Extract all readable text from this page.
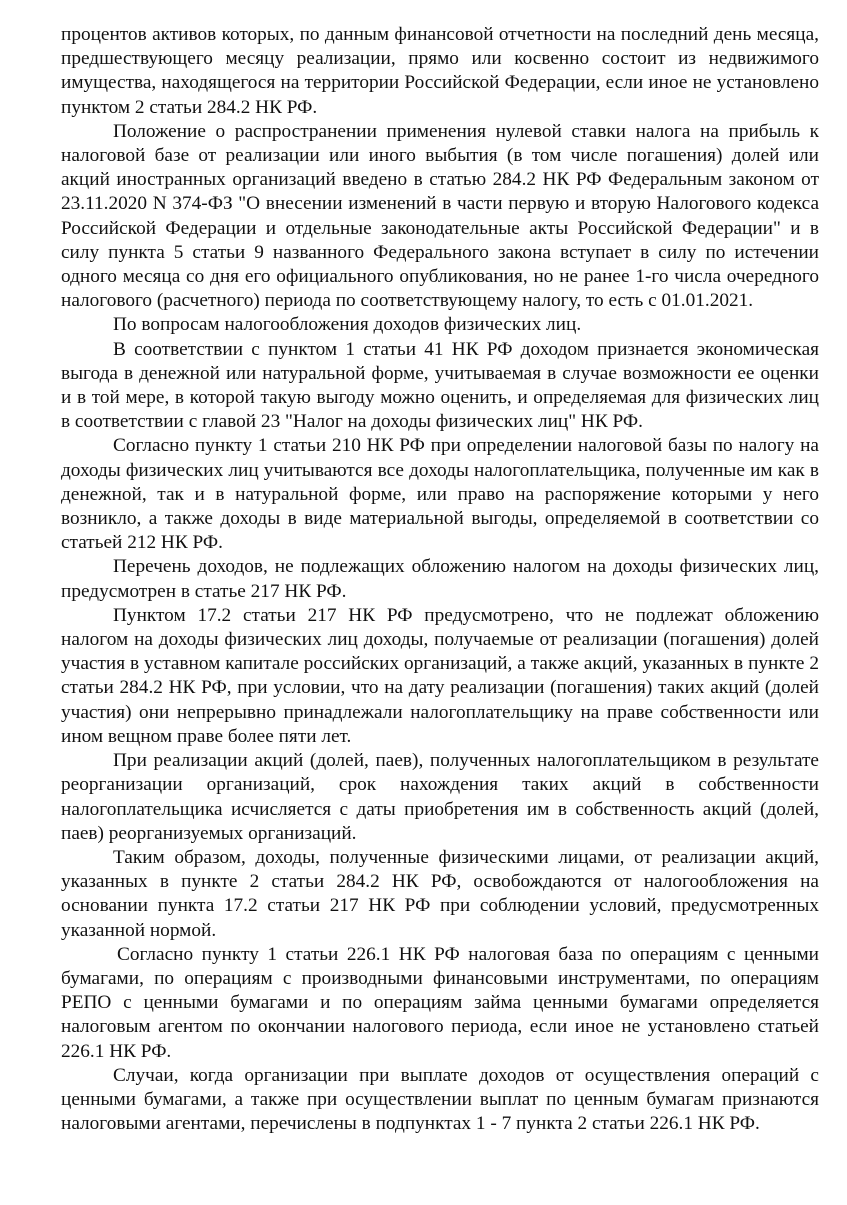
процентов активов которых, по данным финансовой отчетности на последний день месяца, предшествующего месяцу реализации, прямо или косвенно состоит из недвижимого имущества, находящегося на территории Российской Федерации, если иное не установлено пунктом 2 статьи 284.2 НК РФ.

Положение о распространении применения нулевой ставки налога на прибыль к налоговой базе от реализации или иного выбытия (в том числе погашения) долей или акций иностранных организаций введено в статью 284.2 НК РФ Федеральным законом от 23.11.2020 N 374-ФЗ "О внесении изменений в части первую и вторую Налогового кодекса Российской Федерации и отдельные законодательные акты Российской Федерации" и в силу пункта 5 статьи 9 названного Федерального закона вступает в силу по истечении одного месяца со дня его официального опубликования, но не ранее 1-го числа очередного налогового (расчетного) периода по соответствующему налогу, то есть с 01.01.2021.

По вопросам налогообложения доходов физических лиц.

В соответствии с пунктом 1 статьи 41 НК РФ доходом признается экономическая выгода в денежной или натуральной форме, учитываемая в случае возможности ее оценки и в той мере, в которой такую выгоду можно оценить, и определяемая для физических лиц в соответствии с главой 23 "Налог на доходы физических лиц" НК РФ.

Согласно пункту 1 статьи 210 НК РФ при определении налоговой базы по налогу на доходы физических лиц учитываются все доходы налогоплательщика, полученные им как в денежной, так и в натуральной форме, или право на распоряжение которыми у него возникло, а также доходы в виде материальной выгоды, определяемой в соответствии со статьей 212 НК РФ.

Перечень доходов, не подлежащих обложению налогом на доходы физических лиц, предусмотрен в статье 217 НК РФ.

Пунктом 17.2 статьи 217 НК РФ предусмотрено, что не подлежат обложению налогом на доходы физических лиц доходы, получаемые от реализации (погашения) долей участия в уставном капитале российских организаций, а также акций, указанных в пункте 2 статьи 284.2 НК РФ, при условии, что на дату реализации (погашения) таких акций (долей участия) они непрерывно принадлежали налогоплательщику на праве собственности или ином вещном праве более пяти лет.

При реализации акций (долей, паев), полученных налогоплательщиком в результате реорганизации организаций, срок нахождения таких акций в собственности налогоплательщика исчисляется с даты приобретения им в собственность акций (долей, паев) реорганизуемых организаций.

Таким образом, доходы, полученные физическими лицами, от реализации акций, указанных в пункте 2 статьи 284.2 НК РФ, освобождаются от налогообложения на основании пункта 17.2 статьи 217 НК РФ при соблюдении условий, предусмотренных указанной нормой.

Согласно пункту 1 статьи 226.1 НК РФ налоговая база по операциям с ценными бумагами, по операциям с производными финансовыми инструментами, по операциям РЕПО с ценными бумагами и по операциям займа ценными бумагами определяется налоговым агентом по окончании налогового периода, если иное не установлено статьей 226.1 НК РФ.

Случаи, когда организации при выплате доходов от осуществления операций с ценными бумагами, а также при осуществлении выплат по ценным бумагам признаются налоговыми агентами, перечислены в подпунктах 1 - 7 пункта 2 статьи 226.1 НК РФ.
